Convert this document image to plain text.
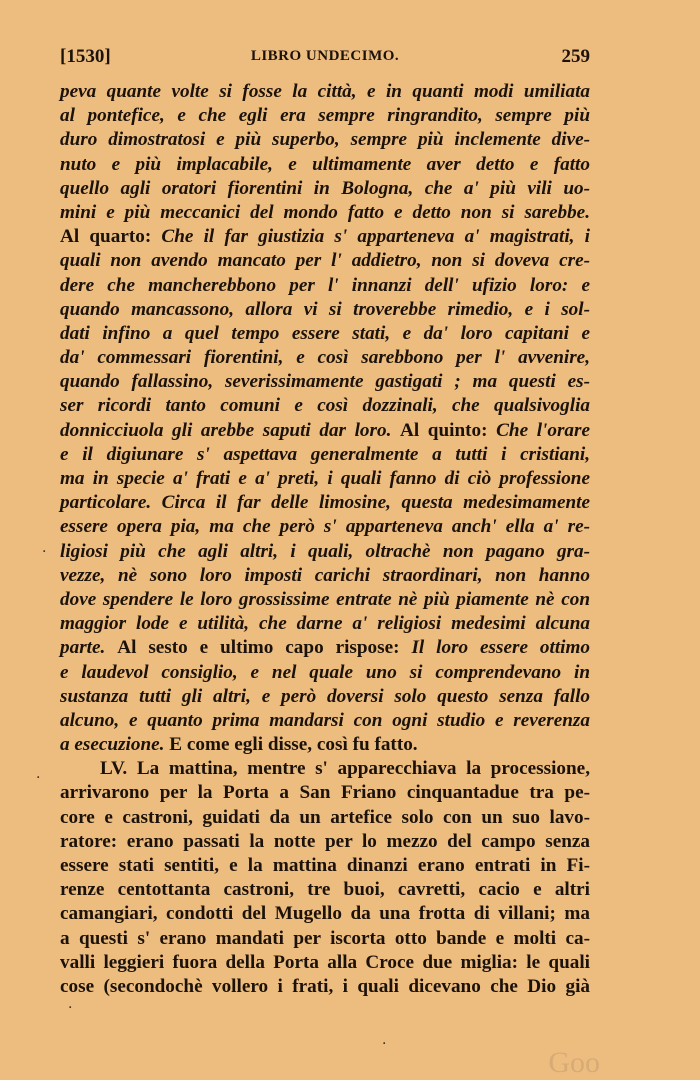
[1530]	LIBRO UNDECIMO.	259
peva quante volte si fosse la città, e in quanti modi umiliata
al pontefice, e che egli era sempre ringrandito, sempre più
duro dimostratosi e più superbo, sempre più inclemente dive-
nuto e più implacabile, e ultimamente aver detto e fatto
quello agli oratori fiorentini in Bologna, che a' più vili uo-
mini e più meccanici del mondo fatto e detto non si sarebbe.
Al quarto: Che il far giustizia s' apparteneva a' magistrati, i
quali non avendo mancato per l' addietro, non si doveva cre-
dere che mancherebbono per l' innanzi dell' ufizio loro: e
quando mancassono, allora vi si troverebbe rimedio, e i sol-
dati infino a quel tempo essere stati, e da' loro capitani e
da' commessari fiorentini, e così sarebbono per l' avvenire,
quando fallassino, severissimamente gastigati ; ma questi es-
ser ricordi tanto comuni e così dozzinali, che qualsivoglia
donnicciuola gli arebbe saputi dar loro. Al quinto: Che l'orare
e il digiunare s' aspettava generalmente a tutti i cristiani,
ma in specie a' frati e a' preti, i quali fanno di ciò professione
particolare. Circa il far delle limosine, questa medesimamente
essere opera pia, ma che però s' apparteneva anch' ella a' re-
ligiosi più che agli altri, i quali, oltrachè non pagano gra-
vezze, nè sono loro imposti carichi straordinari, non hanno
dove spendere le loro grossissime entrate nè più piamente nè con
maggior lode e utilità, che darne a' religiosi medesimi alcuna
parte. Al sesto e ultimo capo rispose: Il loro essere ottimo
e laudevol consiglio, e nel quale uno si comprendevano in
sustanza tutti gli altri, e però doversi solo questo senza fallo
alcuno, e quanto prima mandarsi con ogni studio e reverenza
a esecuzione. E come egli disse, così fu fatto.
LV. La mattina, mentre s' apparecchiava la processione,
arrivarono per la Porta a San Friano cinquantadue tra pe-
core e castroni, guidati da un artefice solo con un suo lavo-
ratore: erano passati la notte per lo mezzo del campo senza
essere stati sentiti, e la mattina dinanzi erano entrati in Fi-
renze centottanta castroni, tre buoi, cavretti, cacio e altri
camangiari, condotti del Mugello da una frotta di villani; ma
a questi s' erano mandati per iscorta otto bande e molti ca-
valli leggieri fuora della Porta alla Croce due miglia: le quali
cose (secondochè vollero i frati, i quali dicevano che Dio già
·
·
·
·
Goo
